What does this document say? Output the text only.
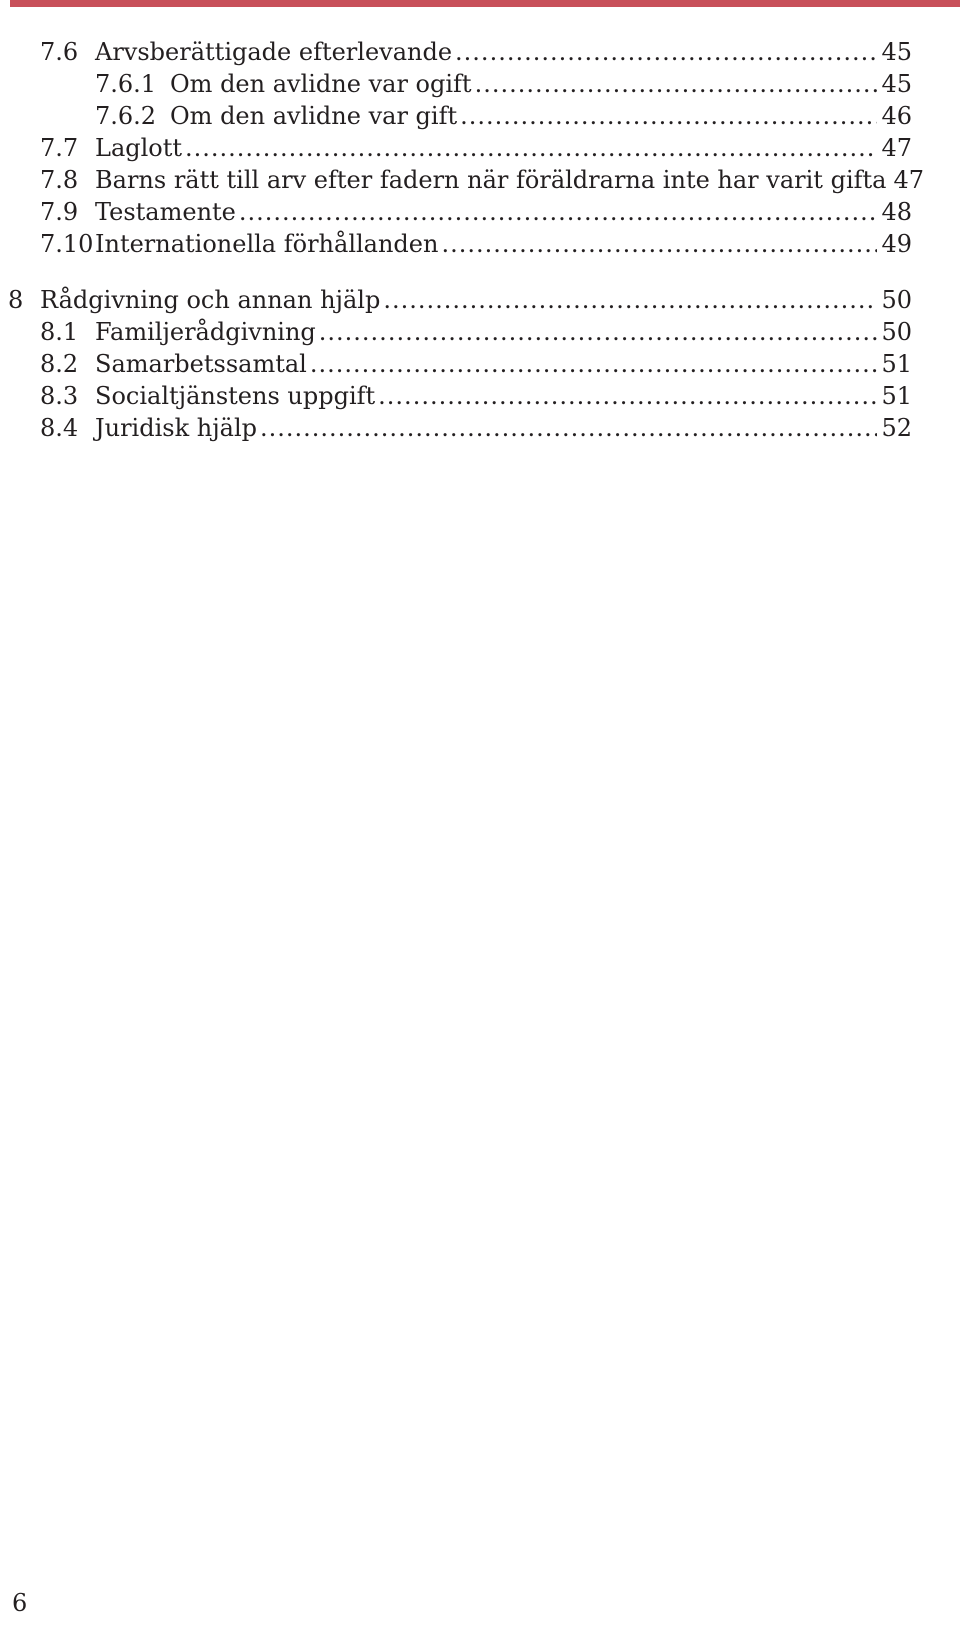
7.6 Arvsberättigade efterlevande .....	45
7.6.1 Om den avlidne var ogift .....	45
7.6.2 Om den avlidne var gift .....	46
7.7 Laglott .....	47
7.8 Barns rätt till arv efter fadern när föräldrarna inte har varit gifta 47
7.9 Testamente .....	48
7.10 Internationella förhållanden .....	49
8 Rådgivning och annan hjälp .....	50
8.1 Familjerådgivning .....	50
8.2 Samarbetssamtal .....	51
8.3 Socialtjänstens uppgift .....	51
8.4 Juridisk hjälp .....	52
6
